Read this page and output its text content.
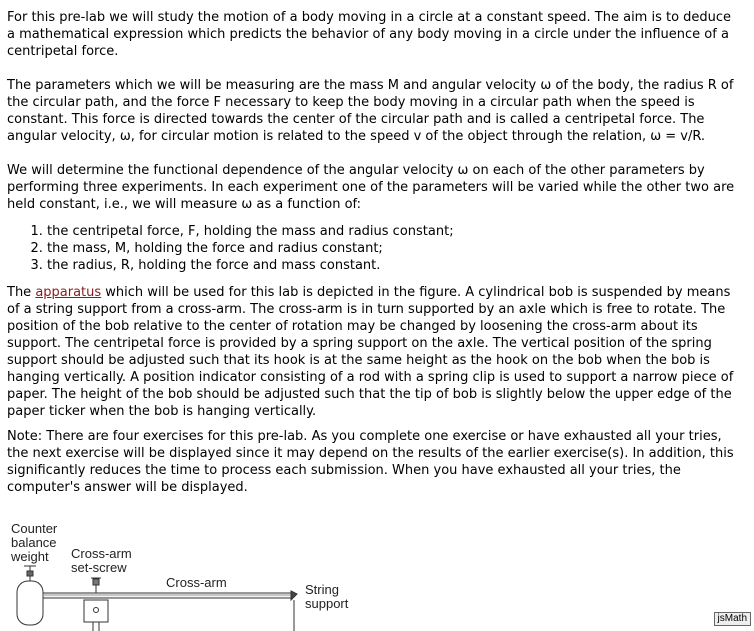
For this pre-lab we will study the motion of a body moving in a circle at a constant speed. The aim is to deduce a mathematical expression which predicts the behavior of any body moving in a circle under the influence of a centripetal force.

The parameters which we will be measuring are the mass M and angular velocity ω of the body, the radius R of the circular path, and the force F necessary to keep the body moving in a circular path when the speed is constant. This force is directed towards the center of the circular path and is called a centripetal force. The angular velocity, ω, for circular motion is related to the speed v of the object through the relation, ω = v/R.

We will determine the functional dependence of the angular velocity ω on each of the other parameters by performing three experiments. In each experiment one of the parameters will be varied while the other two are held constant, i.e., we will measure ω as a function of:

1. the centripetal force, F, holding the mass and radius constant;
2. the mass, M, holding the force and radius constant;
3. the radius, R, holding the force and mass constant.

The apparatus which will be used for this lab is depicted in the figure. A cylindrical bob is suspended by means of a string support from a cross-arm. The cross-arm is in turn supported by an axle which is free to rotate. The position of the bob relative to the center of rotation may be changed by loosening the cross-arm about its support. The centripetal force is provided by a spring support on the axle. The vertical position of the spring support should be adjusted such that its hook is at the same height as the hook on the bob when the bob is hanging vertically. A position indicator consisting of a rod with a spring clip is used to support a narrow piece of paper. The height of the bob should be adjusted such that the tip of bob is slightly below the upper edge of the paper ticker when the bob is hanging vertically.

Note: There are four exercises for this pre-lab. As you complete one exercise or have exhausted all your tries, the next exercise will be displayed since it may depend on the results of the earlier exercise(s). In addition, this significantly reduces the time to process each submission. When you have exhausted all your tries, the computer's answer will be displayed.

Counter
balance
weight	Cross-arm
set-screw
Cross-arm	String
support
jsMath
